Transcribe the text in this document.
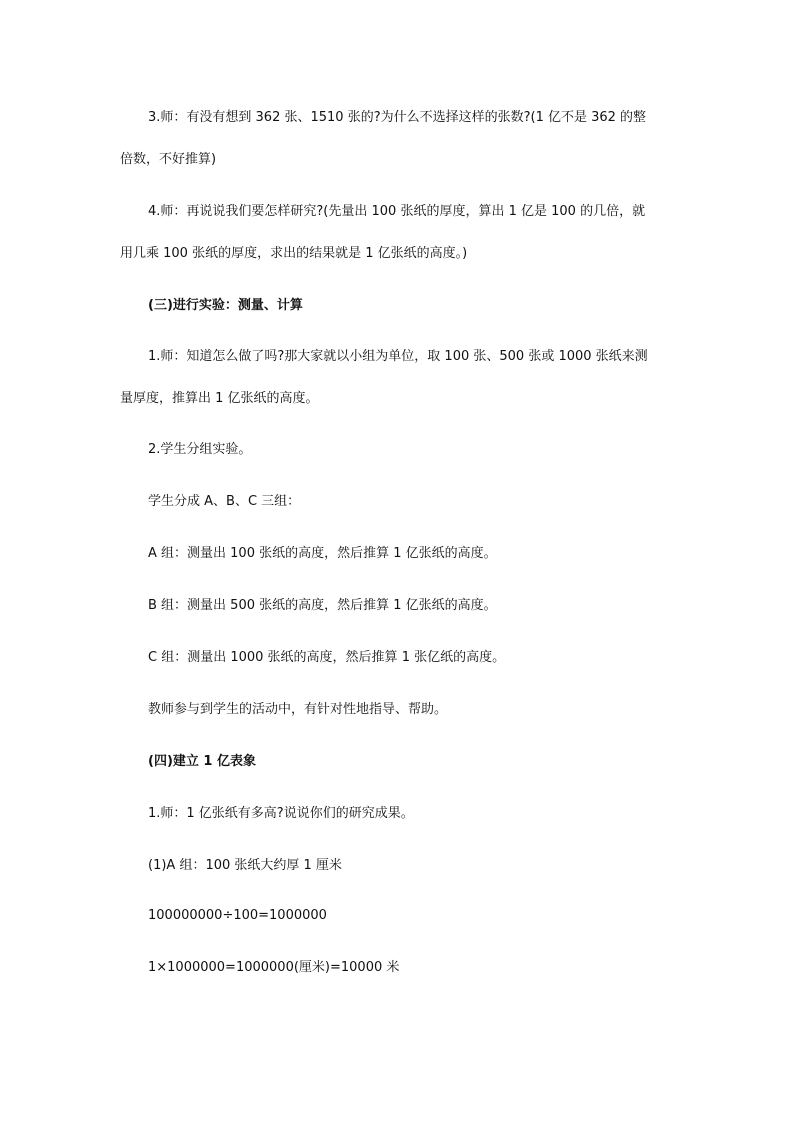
3.师：有没有想到 362 张、1510 张的?为什么不选择这样的张数?(1 亿不是 362 的整

倍数，不好推算)

4.师：再说说我们要怎样研究?(先量出 100 张纸的厚度，算出 1 亿是 100 的几倍，就

用几乘 100 张纸的厚度，求出的结果就是 1 亿张纸的高度。)

(三)进行实验：测量、计算

1.师：知道怎么做了吗?那大家就以小组为单位，取 100 张、500 张或 1000 张纸来测

量厚度，推算出 1 亿张纸的高度。

2.学生分组实验。

学生分成 A、B、C 三组：

A 组：测量出 100 张纸的高度，然后推算 1 亿张纸的高度。

B 组：测量出 500 张纸的高度，然后推算 1 亿张纸的高度。

C 组：测量出 1000 张纸的高度，然后推算 1 张亿纸的高度。

教师参与到学生的活动中，有针对性地指导、帮助。

(四)建立 1 亿表象

1.师：1 亿张纸有多高?说说你们的研究成果。

(1)A 组：100 张纸大约厚 1 厘米

100000000÷100=1000000

1×1000000=1000000(厘米)=10000 米
